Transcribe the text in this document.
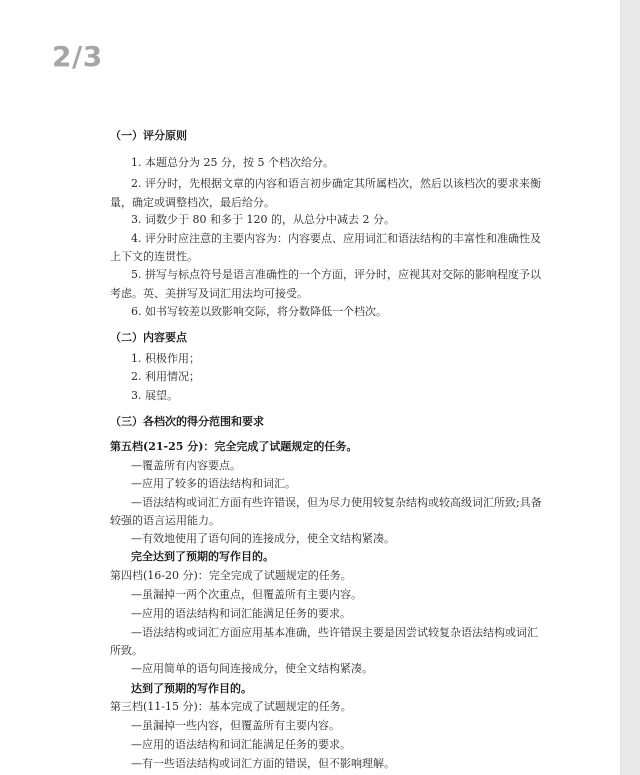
2/3
（一）评分原则
1. 本题总分为 25 分，按 5 个档次给分。
2. 评分时，先根据文章的内容和语言初步确定其所属档次，然后以该档次的要求来衡
量，确定或调整档次，最后给分。
3. 词数少于 80 和多于 120 的，从总分中减去 2 分。
4. 评分时应注意的主要内容为：内容要点、应用词汇和语法结构的丰富性和准确性及
上下文的连贯性。
5. 拼写与标点符号是语言准确性的一个方面，评分时，应视其对交际的影响程度予以
考虑。英、美拼写及词汇用法均可接受。
6. 如书写较差以致影响交际，将分数降低一个档次。
（二）内容要点
1. 积极作用；
2. 利用情况；
3. 展望。
（三）各档次的得分范围和要求
第五档(21-25 分)：完全完成了试题规定的任务。
—覆盖所有内容要点。
—应用了较多的语法结构和词汇。
—语法结构或词汇方面有些许错误，但为尽力使用较复杂结构或较高级词汇所致;具备
较强的语言运用能力。
—有效地使用了语句间的连接成分，使全文结构紧凑。
完全达到了预期的写作目的。
第四档(16-20 分)：完全完成了试题规定的任务。
—虽漏掉一两个次重点，但覆盖所有主要内容。
—应用的语法结构和词汇能满足任务的要求。
—语法结构或词汇方面应用基本准确，些许错误主要是因尝试较复杂语法结构或词汇
所致。
—应用简单的语句间连接成分，使全文结构紧凑。
达到了预期的写作目的。
第三档(11-15 分)：基本完成了试题规定的任务。
—虽漏掉一些内容，但覆盖所有主要内容。
—应用的语法结构和词汇能满足任务的要求。
—有一些语法结构或词汇方面的错误，但不影响理解。
